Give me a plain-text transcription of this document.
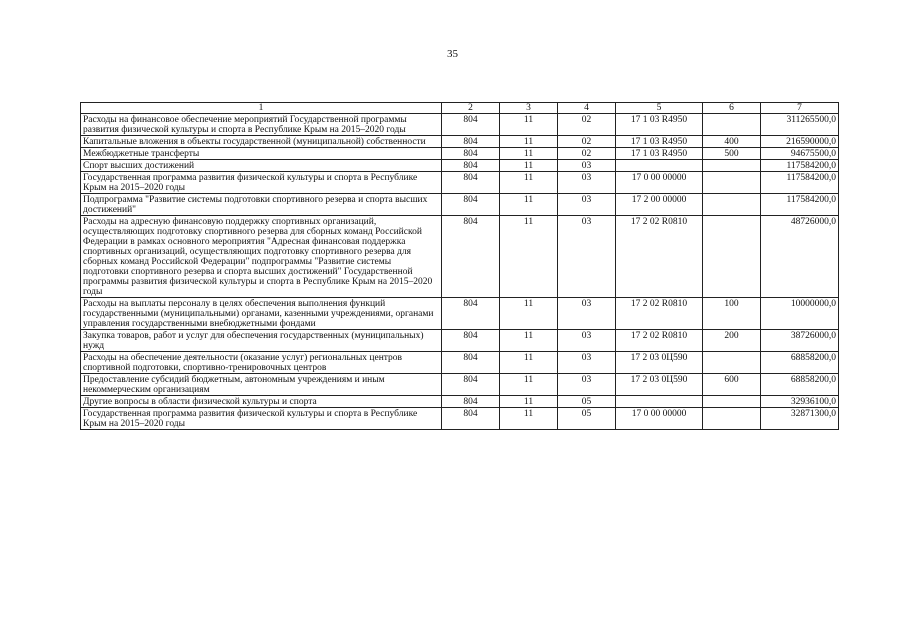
35
1	2	3	4	5	6	7
Расходы на финансовое обеспечение мероприятий Государственной программы развития физической культуры и спорта в Республике Крым на 2015–2020 годы	804	11	02	17 1 03 R4950		311265500,0
Капитальные вложения в объекты государственной (муниципальной) собственности	804	11	02	17 1 03 R4950	400	216590000,0
Межбюджетные трансферты	804	11	02	17 1 03 R4950	500	94675500,0
Спорт высших достижений	804	11	03			117584200,0
Государственная программа развития физической культуры и спорта в Республике Крым на 2015–2020 годы	804	11	03	17 0 00 00000		117584200,0
Подпрограмма "Развитие системы подготовки спортивного резерва и спорта высших достижений"	804	11	03	17 2 00 00000		117584200,0
Расходы на адресную финансовую поддержку спортивных организаций, осуществляющих подготовку спортивного резерва для сборных команд Российской Федерации в рамках основного мероприятия "Адресная финансовая поддержка спортивных организаций, осуществляющих подготовку спортивного резерва для сборных команд Российской Федерации" подпрограммы "Развитие системы подготовки спортивного резерва и спорта высших достижений" Государственной программы развития физической культуры и спорта в Республике Крым на 2015–2020 годы	804	11	03	17 2 02 R0810		48726000,0
Расходы на выплаты персоналу в целях обеспечения выполнения функций государственными (муниципальными) органами, казенными учреждениями, органами управления государственными внебюджетными фондами	804	11	03	17 2 02 R0810	100	10000000,0
Закупка товаров, работ и услуг для обеспечения государственных (муниципальных) нужд	804	11	03	17 2 02 R0810	200	38726000,0
Расходы на обеспечение деятельности (оказание услуг) региональных центров спортивной подготовки, спортивно-тренировочных центров	804	11	03	17 2 03 0Ц590		68858200,0
Предоставление субсидий бюджетным, автономным учреждениям и иным некоммерческим организациям	804	11	03	17 2 03 0Ц590	600	68858200,0
Другие вопросы в области физической культуры и спорта	804	11	05			32936100,0
Государственная программа развития физической культуры и спорта в Республике Крым на 2015–2020 годы	804	11	05	17 0 00 00000		32871300,0
